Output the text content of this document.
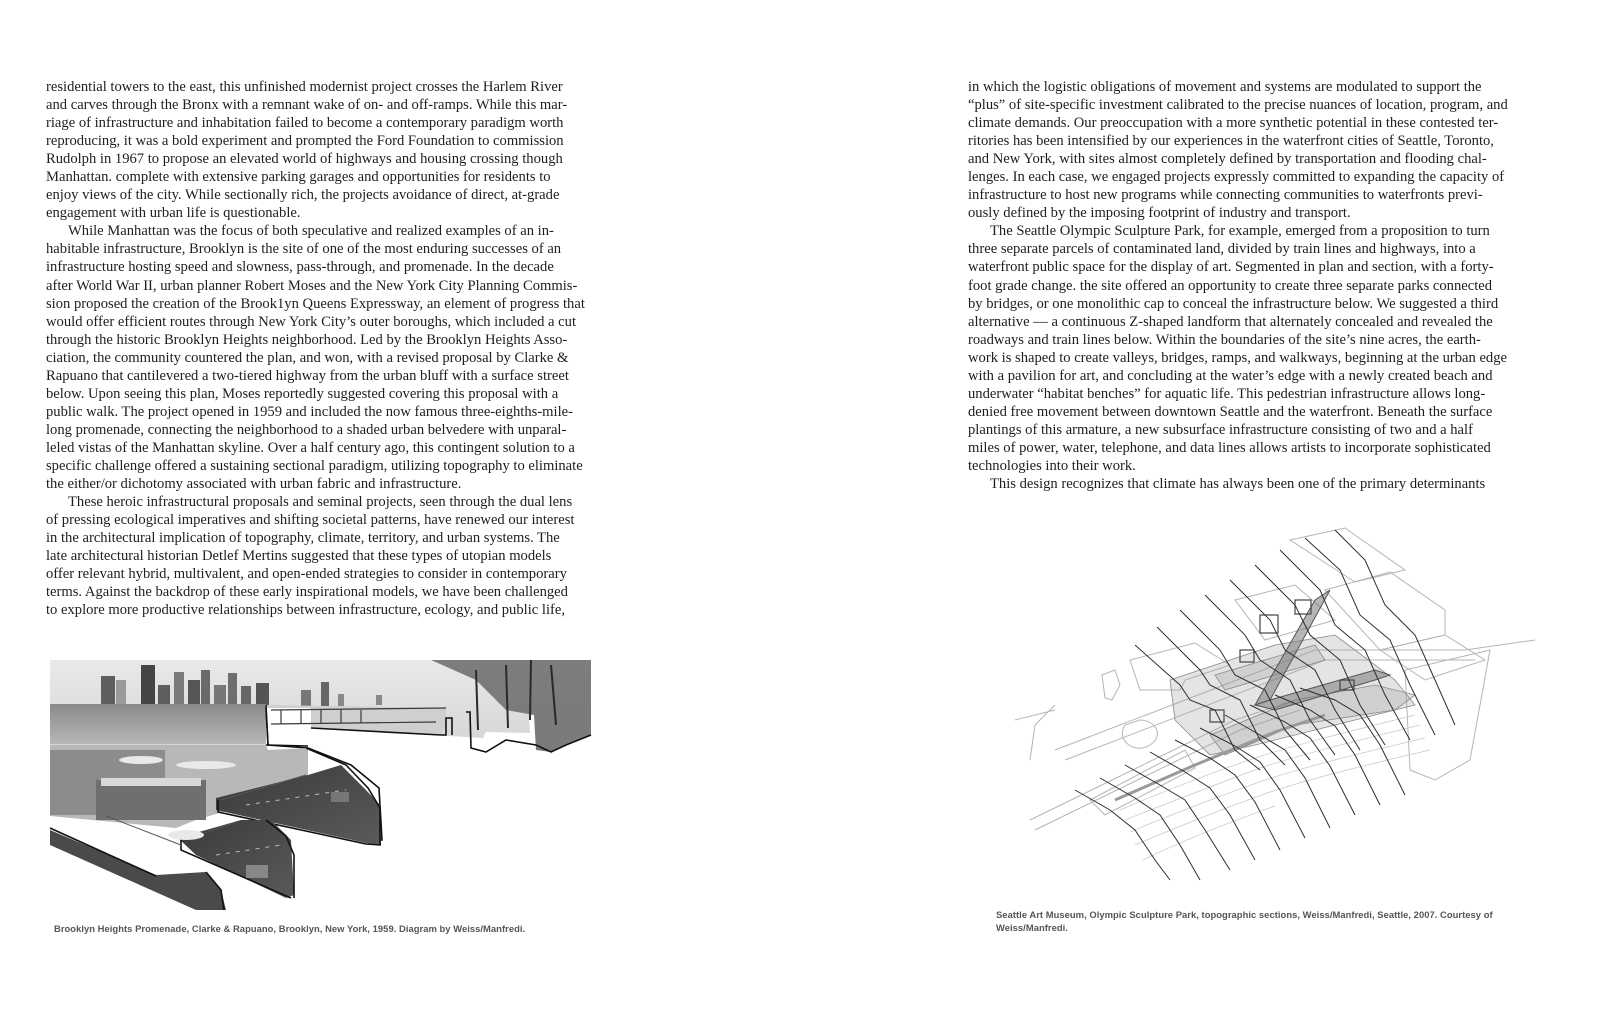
residential towers to the east, this unfinished modernist project crosses the Harlem River
and carves through the Bronx with a remnant wake of on- and off-ramps. While this mar-
riage of infrastructure and inhabitation failed to become a contemporary paradigm worth
reproducing, it was a bold experiment and prompted the Ford Foundation to commission
Rudolph in 1967 to propose an elevated world of highways and housing crossing though
Manhattan. complete with extensive parking garages and opportunities for residents to
enjoy views of the city. While sectionally rich, the projects avoidance of direct, at-grade
engagement with urban life is questionable.
While Manhattan was the focus of both speculative and realized examples of an in-
habitable infrastructure, Brooklyn is the site of one of the most enduring successes of an
infrastructure hosting speed and slowness, pass-through, and promenade. In the decade
after World War II, urban planner Robert Moses and the New York City Planning Commis-
sion proposed the creation of the Brook1yn Queens Expressway, an element of progress that
would offer efficient routes through New York City’s outer boroughs, which included a cut
through the historic Brooklyn Heights neighborhood. Led by the Brooklyn Heights Asso-
ciation, the community countered the plan, and won, with a revised proposal by Clarke &
Rapuano that cantilevered a two-tiered highway from the urban bluff with a surface street
below. Upon seeing this plan, Moses reportedly suggested covering this proposal with a
public walk. The project opened in 1959 and included the now famous three-eighths-mile-
long promenade, connecting the neighborhood to a shaded urban belvedere with unparal-
leled vistas of the Manhattan skyline. Over a half century ago, this contingent solution to a
specific challenge offered a sustaining sectional paradigm, utilizing topography to eliminate
the either/or dichotomy associated with urban fabric and infrastructure.
These heroic infrastructural proposals and seminal projects, seen through the dual lens
of pressing ecological imperatives and shifting societal patterns, have renewed our interest
in the architectural implication of topography, climate, territory, and urban systems. The
late architectural historian Detlef Mertins suggested that these types of utopian models
offer relevant hybrid, multivalent, and open-ended strategies to consider in contemporary
terms. Against the backdrop of these early inspirational models, we have been challenged
to explore more productive relationships between infrastructure, ecology, and public life,
Brooklyn Heights Promenade, Clarke & Rapuano, Brooklyn, New York, 1959. Diagram by Weiss/Manfredi.
in which the logistic obligations of movement and systems are modulated to support the
“plus” of site-specific investment calibrated to the precise nuances of location, program, and
climate demands. Our preoccupation with a more synthetic potential in these contested ter-
ritories has been intensified by our experiences in the waterfront cities of Seattle, Toronto,
and New York, with sites almost completely defined by transportation and flooding chal-
lenges. In each case, we engaged projects expressly committed to expanding the capacity of
infrastructure to host new programs while connecting communities to waterfronts previ-
ously defined by the imposing footprint of industry and transport.
The Seattle Olympic Sculpture Park, for example, emerged from a proposition to turn
three separate parcels of contaminated land, divided by train lines and highways, into a
waterfront public space for the display of art. Segmented in plan and section, with a forty-
foot grade change. the site offered an opportunity to create three separate parks connected
by bridges, or one monolithic cap to conceal the infrastructure below. We suggested a third
alternative — a continuous Z-shaped landform that alternately concealed and revealed the
roadways and train lines below. Within the boundaries of the site’s nine acres, the earth-
work is shaped to create valleys, bridges, ramps, and walkways, beginning at the urban edge
with a pavilion for art, and concluding at the water’s edge with a newly created beach and
underwater “habitat benches” for aquatic life. This pedestrian infrastructure allows long-
denied free movement between downtown Seattle and the waterfront. Beneath the surface
plantings of this armature, a new subsurface infrastructure consisting of two and a half
miles of power, water, telephone, and data lines allows artists to incorporate sophisticated
technologies into their work.
This design recognizes that climate has always been one of the primary determinants
Seattle Art Museum, Olympic Sculpture Park, topographic sections, Weiss/Manfredi, Seattle, 2007. Courtesy of
Weiss/Manfredi.
